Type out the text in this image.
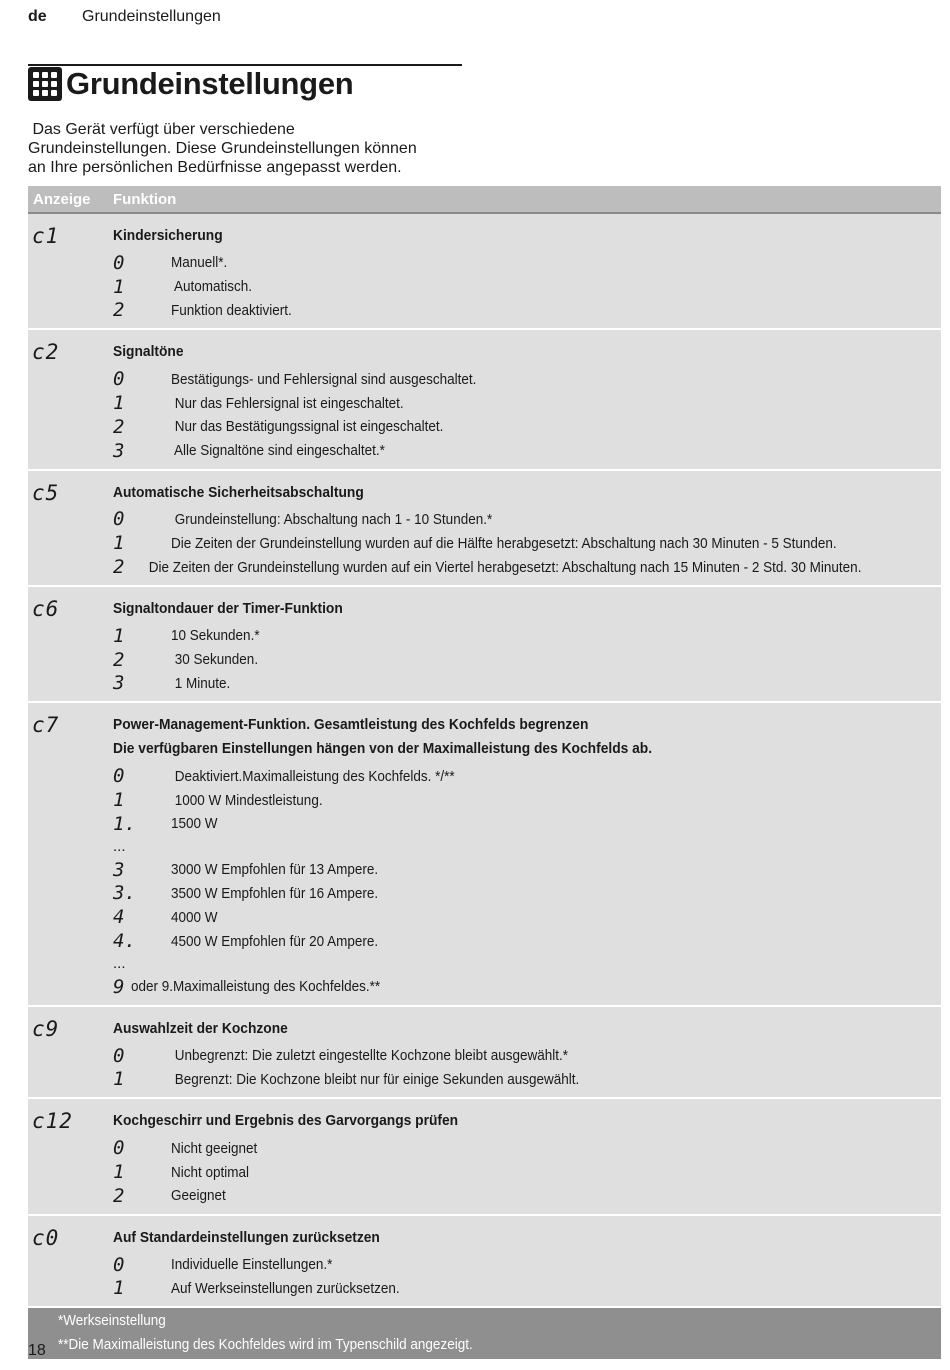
de Grundeinstellungen
Grundeinstellungen
Das Gerät verfügt über verschiedene
Grundeinstellungen. Diese Grundeinstellungen können
an Ihre persönlichen Bedürfnisse angepasst werden.
Anzeige	Funktion
c1	Kindersicherung
0	Manuell*.
1	Automatisch.
2	Funktion deaktiviert.
c2	Signaltöne
0	Bestätigungs- und Fehlersignal sind ausgeschaltet.
1	Nur das Fehlersignal ist eingeschaltet.
2	Nur das Bestätigungssignal ist eingeschaltet.
3	Alle Signaltöne sind eingeschaltet.*
c5	Automatische Sicherheitsabschaltung
0	Grundeinstellung: Abschaltung nach 1 - 10 Stunden.*
1	Die Zeiten der Grundeinstellung wurden auf die Hälfte herabgesetzt: Abschaltung nach 30 Minuten - 5 Stunden.
2	Die Zeiten der Grundeinstellung wurden auf ein Viertel herabgesetzt: Abschaltung nach 15 Minuten - 2 Std. 30 Minuten.
c6	Signaltondauer der Timer-Funktion
1	10 Sekunden.*
2	30 Sekunden.
3	1 Minute.
c7	Power-Management-Funktion. Gesamtleistung des Kochfelds begrenzen
Die verfügbaren Einstellungen hängen von der Maximalleistung des Kochfelds ab.
0	Deaktiviert.Maximalleistung des Kochfelds. */**
1	1000 W Mindestleistung.
1.	1500 W
...
3	3000 W Empfohlen für 13 Ampere.
3.	3500 W Empfohlen für 16 Ampere.
4	4000 W
4.	4500 W Empfohlen für 20 Ampere.
...
9 oder 9.Maximalleistung des Kochfeldes.**
c9	Auswahlzeit der Kochzone
0	Unbegrenzt: Die zuletzt eingestellte Kochzone bleibt ausgewählt.*
1	Begrenzt: Die Kochzone bleibt nur für einige Sekunden ausgewählt.
c12	Kochgeschirr und Ergebnis des Garvorgangs prüfen
0	Nicht geeignet
1	Nicht optimal
2	Geeignet
c0	Auf Standardeinstellungen zurücksetzen
0	Individuelle Einstellungen.*
1	Auf Werkseinstellungen zurücksetzen.
*Werkseinstellung
**Die Maximalleistung des Kochfeldes wird im Typenschild angezeigt.
18
